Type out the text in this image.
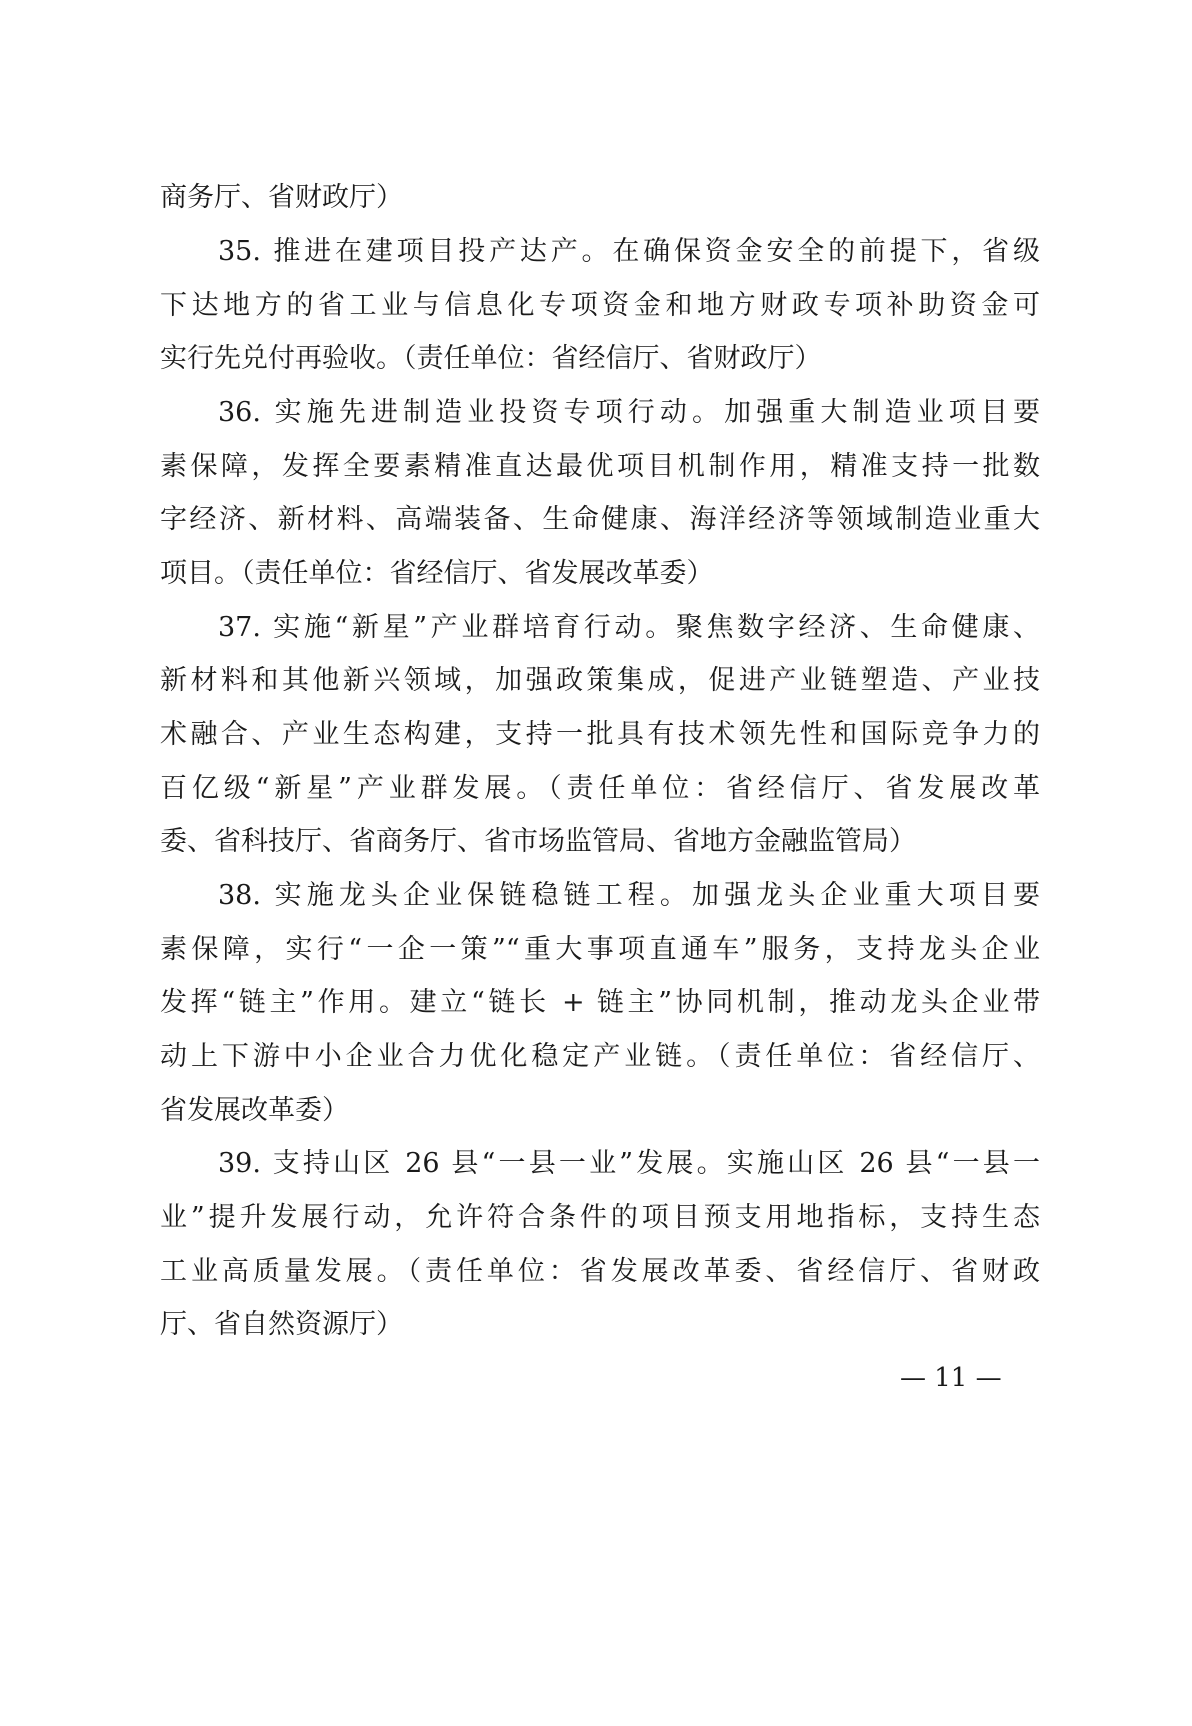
商务厅、省财政厅）
35. 推进在建项目投产达产。在确保资金安全的前提下，省级
下达地方的省工业与信息化专项资金和地方财政专项补助资金可
实行先兑付再验收。（责任单位：省经信厅、省财政厅）
36. 实施先进制造业投资专项行动。加强重大制造业项目要
素保障，发挥全要素精准直达最优项目机制作用，精准支持一批数
字经济、新材料、高端装备、生命健康、海洋经济等领域制造业重大
项目。（责任单位：省经信厅、省发展改革委）
37. 实施“新星”产业群培育行动。聚焦数字经济、生命健康、
新材料和其他新兴领域，加强政策集成，促进产业链塑造、产业技
术融合、产业生态构建，支持一批具有技术领先性和国际竞争力的
百亿级“新星”产业群发展。（责任单位：省经信厅、省发展改革
委、省科技厅、省商务厅、省市场监管局、省地方金融监管局）
38. 实施龙头企业保链稳链工程。加强龙头企业重大项目要
素保障，实行“一企一策”“重大事项直通车”服务，支持龙头企业
发挥“链主”作用。建立“链长 + 链主”协同机制，推动龙头企业带
动上下游中小企业合力优化稳定产业链。（责任单位：省经信厅、
省发展改革委）
39. 支持山区 26 县“一县一业”发展。实施山区 26 县“一县一
业”提升发展行动，允许符合条件的项目预支用地指标，支持生态
工业高质量发展。（责任单位：省发展改革委、省经信厅、省财政
厅、省自然资源厅）
— 11 —
